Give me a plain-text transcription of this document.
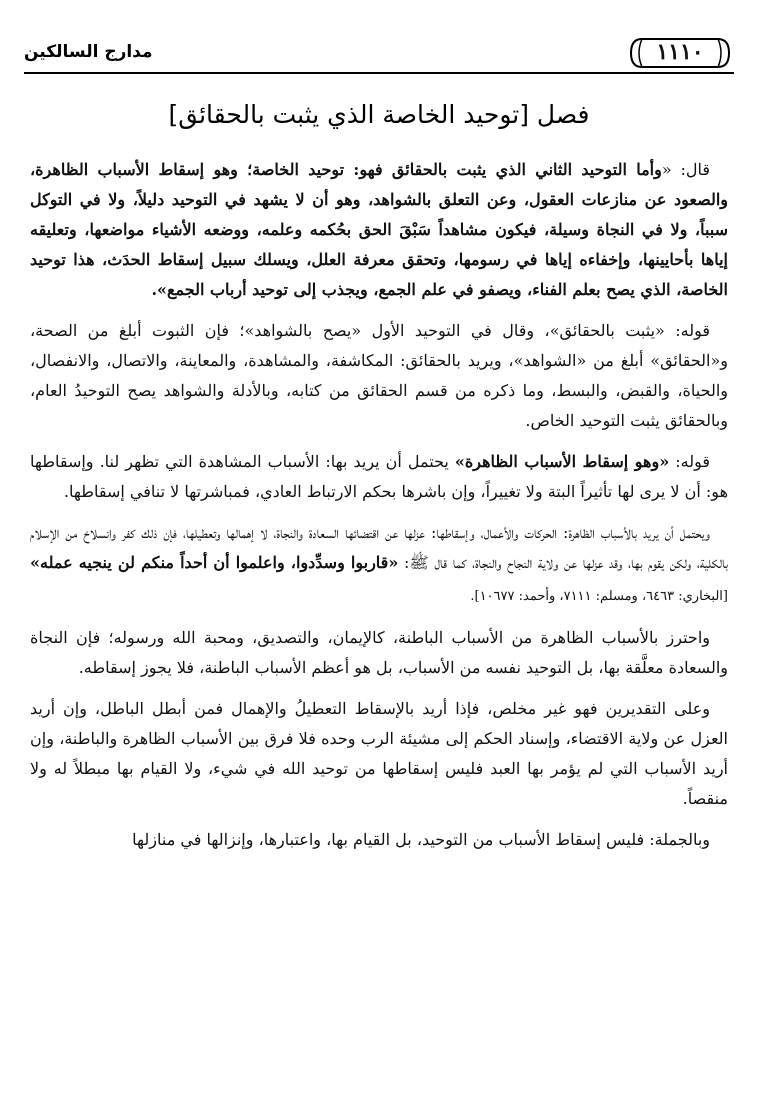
مدارج السالكين	١١١٠
فصل [توحيد الخاصة الذي يثبت بالحقائق]

قال: «وأما التوحيد الثاني الذي يثبت بالحقائق فهو: توحيد الخاصة؛ وهو إسقاط الأسباب الظاهرة، والصعود عن منازعات العقول، وعن التعلق بالشواهد، وهو أن لا يشهد في التوحيد دليلاً، ولا في التوكل سبباً، ولا في النجاة وسيلة، فيكون مشاهداً سَبْقَ الحق بحُكمه وعلمه، ووضعه الأشياء مواضعها، وتعليقه إياها بأحايينها، وإخفاءه إياها في رسومها، وتحقق معرفة العلل، ويسلك سبيل إسقاط الحدَث، هذا توحيد الخاصة، الذي يصح بعلم الفناء، ويصفو في علم الجمع، ويجذب إلى توحيد أرباب الجمع».

قوله: «يثبت بالحقائق»، وقال في التوحيد الأول «يصح بالشواهد»؛ فإن الثبوت أبلغ من الصحة، و«الحقائق» أبلغ من «الشواهد»، ويريد بالحقائق: المكاشفة، والمشاهدة، والمعاينة، والاتصال، والانفصال، والحياة، والقبض، والبسط، وما ذكره من قسم الحقائق من كتابه، وبالأدلة والشواهد يصح التوحيدُ العام، وبالحقائق يثبت التوحيد الخاص.

قوله: «وهو إسقاط الأسباب الظاهرة» يحتمل أن يريد بها: الأسباب المشاهدة التي تظهر لنا. وإسقاطها هو: أن لا يرى لها تأثيراً البتة ولا تغييراً، وإن باشرها بحكم الارتباط العادي، فمباشرتها لا تنافي إسقاطها.

ويحتمل أن يريد بالأسباب الظاهرة: الحركات والأعمال، وإسقاطها: عزلها عن اقتضائها السعادة والنجاة، لا إهمالها وتعطيلها، فإن ذلك كفر وانسلاخ من الإسلام بالكلية، ولكن يقوم بها، وقد عزلها عن ولاية النجاح والنجاة، كما قال ﷺ: «قاربوا وسدِّدوا، واعلموا أن أحداً منكم لن ينجيه عمله» [البخاري: ٦٤٦٣، ومسلم: ٧١١١، وأحمد: ١٠٦٧٧].

واحترز بالأسباب الظاهرة من الأسباب الباطنة، كالإيمان، والتصديق، ومحبة الله ورسوله؛ فإن النجاة والسعادة معلَّقة بها، بل التوحيد نفسه من الأسباب، بل هو أعظم الأسباب الباطنة، فلا يجوز إسقاطه.

وعلى التقديرين فهو غير مخلص، فإذا أريد بالإسقاط التعطيلُ والإهمال فمن أبطل الباطل، وإن أريد العزل عن ولاية الاقتضاء، وإسناد الحكم إلى مشيئة الرب وحده فلا فرق بين الأسباب الظاهرة والباطنة، وإن أريد الأسباب التي لم يؤمر بها العبد فليس إسقاطها من توحيد الله في شيء، ولا القيام بها مبطلاً له ولا منقصاً.

وبالجملة: فليس إسقاط الأسباب من التوحيد، بل القيام بها، واعتبارها، وإنزالها في منازلها
